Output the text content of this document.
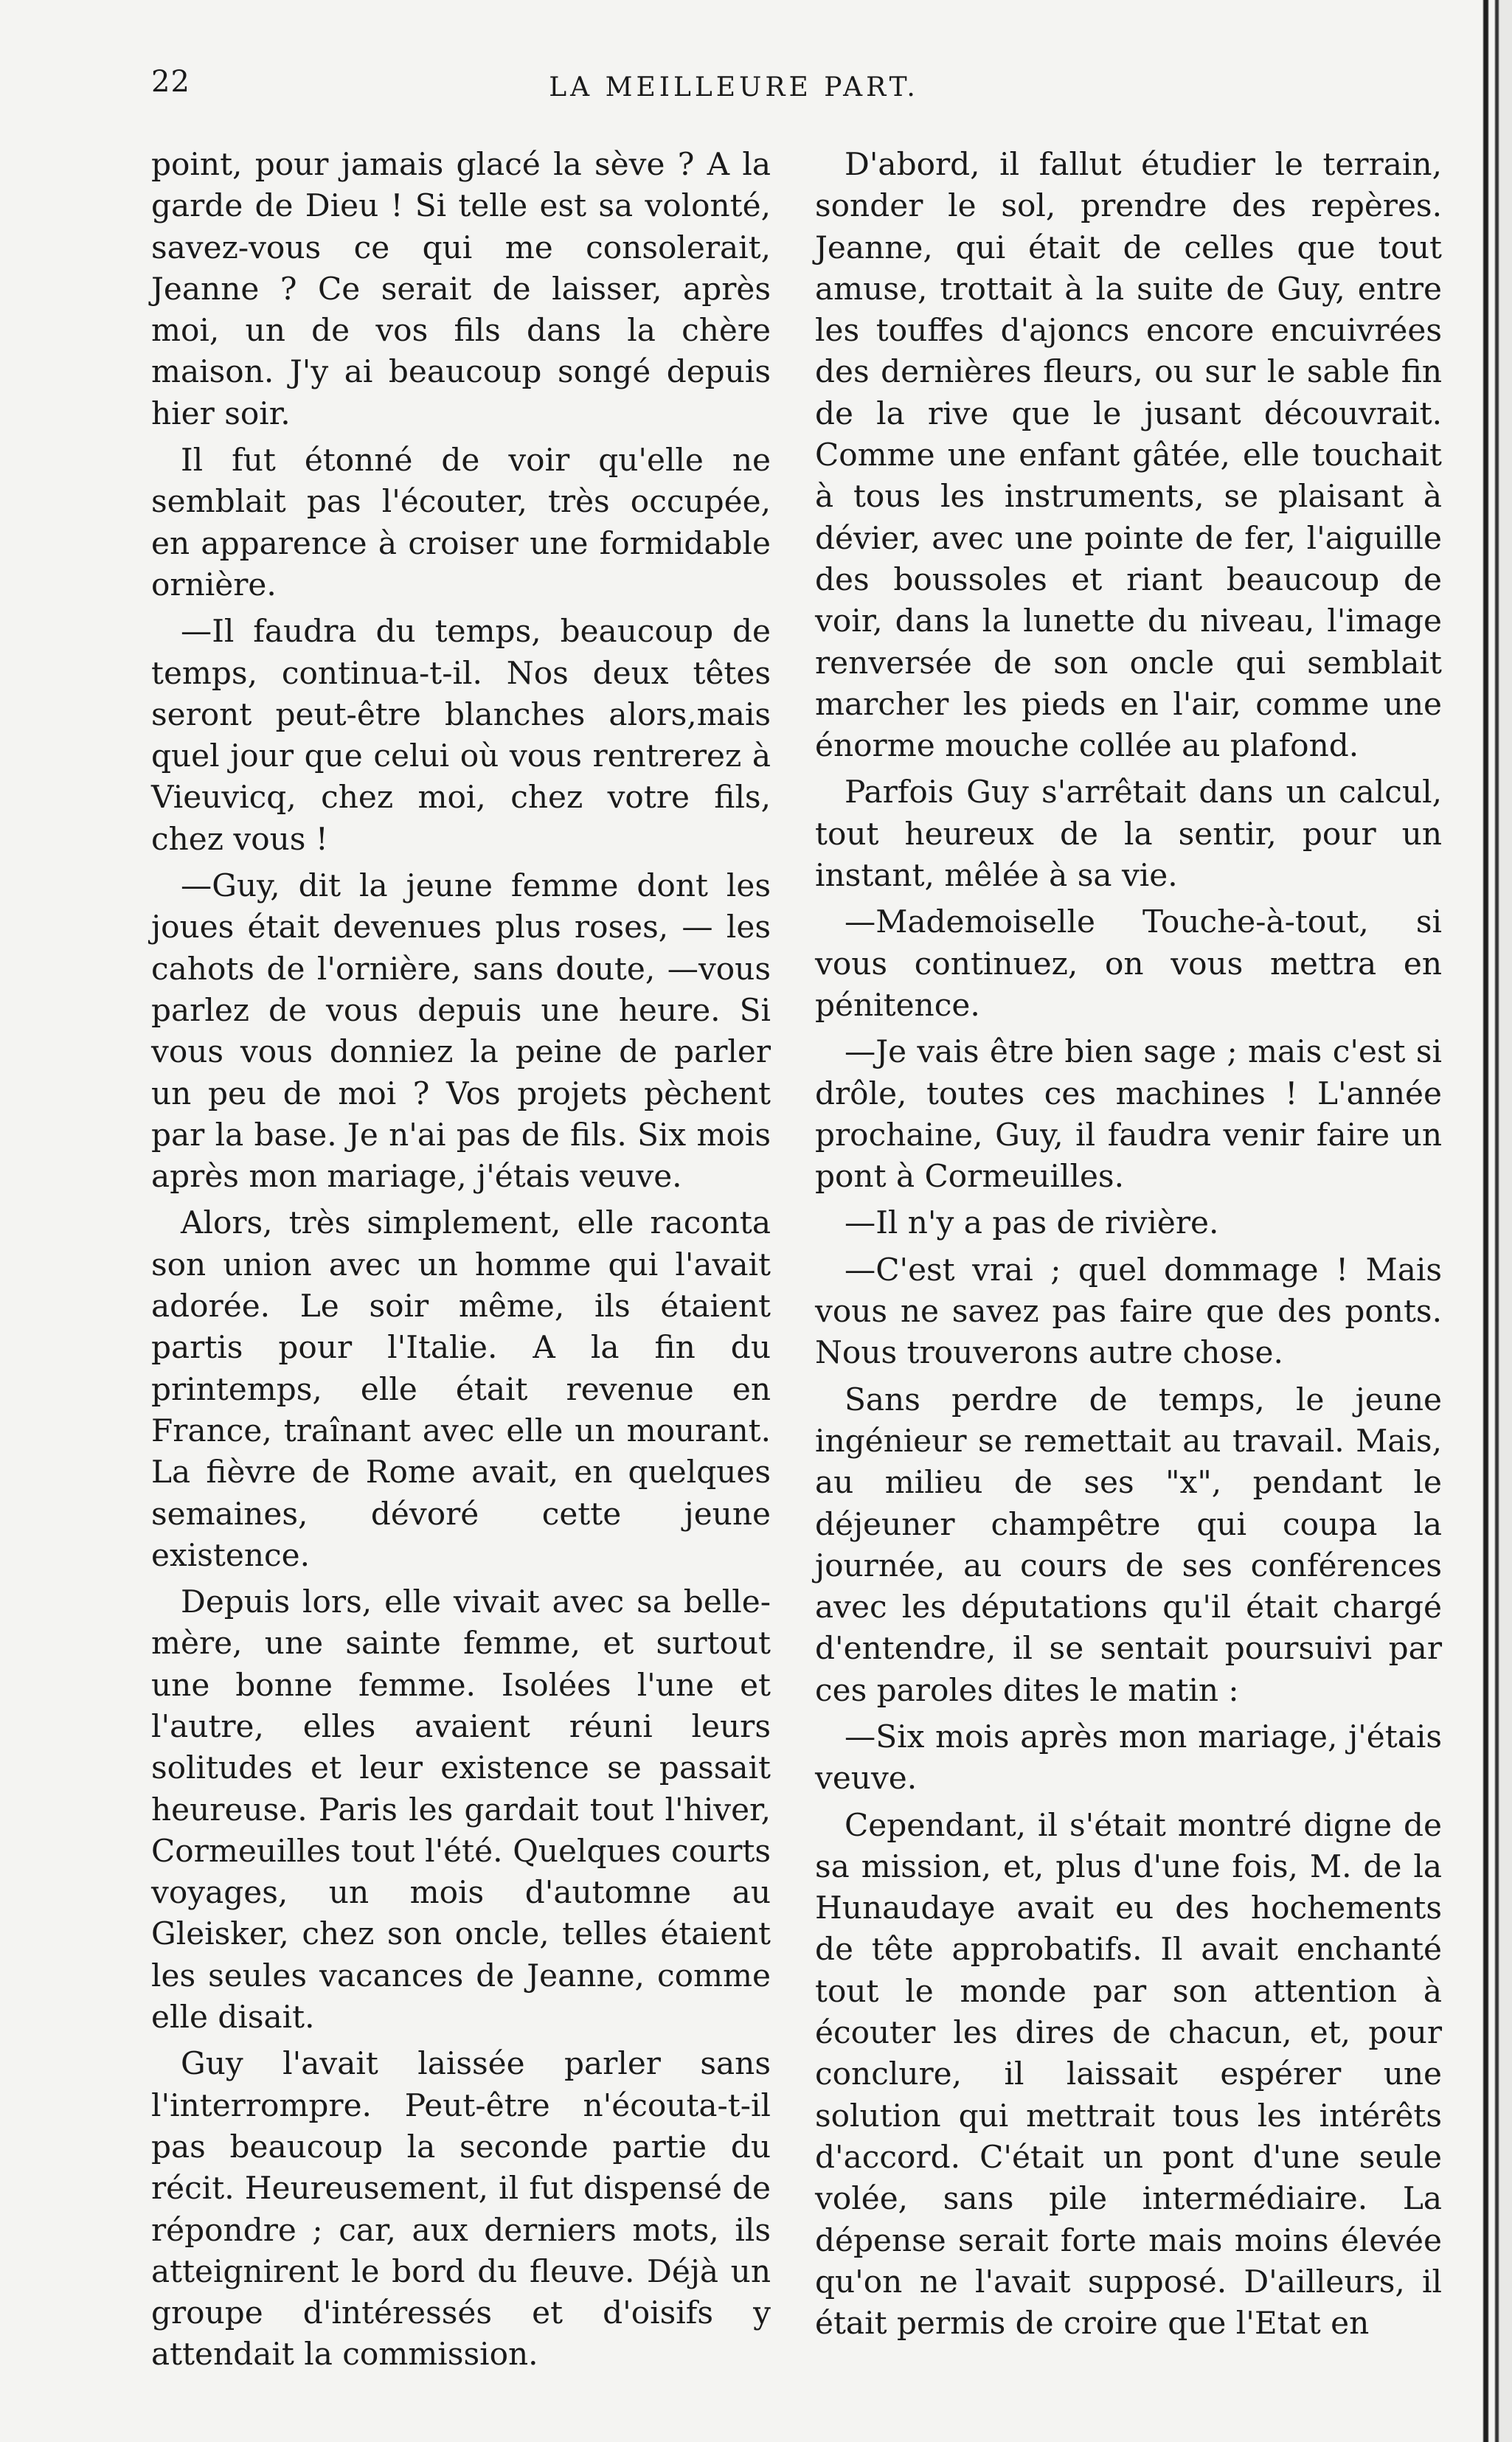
22	LA MEILLEURE PART.

point, pour jamais glacé la sève ? A la garde de Dieu ! Si telle est sa volonté, savez-vous ce qui me consolerait, Jeanne ? Ce serait de laisser, après moi, un de vos fils dans la chère maison. J'y ai beaucoup songé depuis hier soir.

Il fut étonné de voir qu'elle ne semblait pas l'écouter, très occupée, en apparence à croiser une formidable ornière.

—Il faudra du temps, beaucoup de temps, continua-t-il. Nos deux têtes seront peut-être blanches alors,mais quel jour que celui où vous rentrerez à Vieuvicq, chez moi, chez votre fils, chez vous !

—Guy, dit la jeune femme dont les joues était devenues plus roses, — les cahots de l'ornière, sans doute, —vous parlez de vous depuis une heure. Si vous vous donniez la peine de parler un peu de moi ? Vos projets pèchent par la base. Je n'ai pas de fils. Six mois après mon mariage, j'étais veuve.

Alors, très simplement, elle raconta son union avec un homme qui l'avait adorée. Le soir même, ils étaient partis pour l'Italie. A la fin du printemps, elle était revenue en France, traînant avec elle un mourant. La fièvre de Rome avait, en quelques semaines, dévoré cette jeune existence.

Depuis lors, elle vivait avec sa belle-mère, une sainte femme, et surtout une bonne femme. Isolées l'une et l'autre, elles avaient réuni leurs solitudes et leur existence se passait heureuse. Paris les gardait tout l'hiver, Cormeuilles tout l'été. Quelques courts voyages, un mois d'automne au Gleisker, chez son oncle, telles étaient les seules vacances de Jeanne, comme elle disait.

Guy l'avait laissée parler sans l'interrompre. Peut-être n'écouta-t-il pas beaucoup la seconde partie du récit. Heureusement, il fut dispensé de répondre ; car, aux derniers mots, ils atteignirent le bord du fleuve. Déjà un groupe d'intéressés et d'oisifs y attendait la commission.

D'abord, il fallut étudier le terrain, sonder le sol, prendre des repères. Jeanne, qui était de celles que tout amuse, trottait à la suite de Guy, entre les touffes d'ajoncs encore encuivrées des dernières fleurs, ou sur le sable fin de la rive que le jusant découvrait. Comme une enfant gâtée, elle touchait à tous les instruments, se plaisant à dévier, avec une pointe de fer, l'aiguille des boussoles et riant beaucoup de voir, dans la lunette du niveau, l'image renversée de son oncle qui semblait marcher les pieds en l'air, comme une énorme mouche collée au plafond.

Parfois Guy s'arrêtait dans un calcul, tout heureux de la sentir, pour un instant, mêlée à sa vie.

—Mademoiselle Touche-à-tout, si vous continuez, on vous mettra en pénitence.

—Je vais être bien sage ; mais c'est si drôle, toutes ces machines ! L'année prochaine, Guy, il faudra venir faire un pont à Cormeuilles.

—Il n'y a pas de rivière.

—C'est vrai ; quel dommage ! Mais vous ne savez pas faire que des ponts. Nous trouverons autre chose.

Sans perdre de temps, le jeune ingénieur se remettait au travail. Mais, au milieu de ses "x", pendant le déjeuner champêtre qui coupa la journée, au cours de ses conférences avec les députations qu'il était chargé d'entendre, il se sentait poursuivi par ces paroles dites le matin :

—Six mois après mon mariage, j'étais veuve.

Cependant, il s'était montré digne de sa mission, et, plus d'une fois, M. de la Hunaudaye avait eu des hochements de tête approbatifs. Il avait enchanté tout le monde par son attention à écouter les dires de chacun, et, pour conclure, il laissait espérer une solution qui mettrait tous les intérêts d'accord. C'était un pont d'une seule volée, sans pile intermédiaire. La dépense serait forte mais moins élevée qu'on ne l'avait supposé. D'ailleurs, il était permis de croire que l'Etat en
